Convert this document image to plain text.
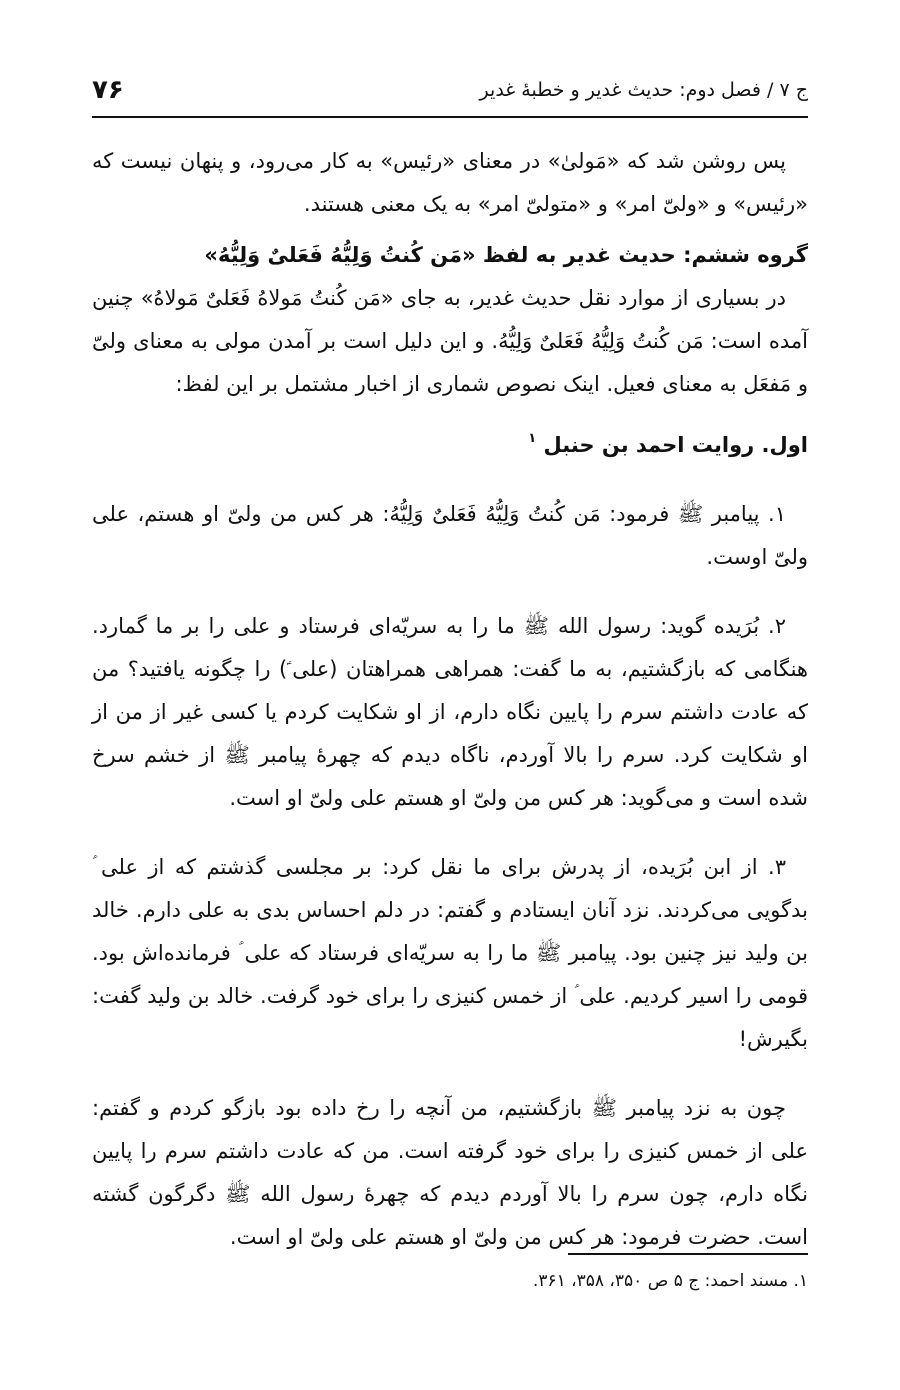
ج ۷ / فصل دوم: حدیث غدیر و خطبهٔ غدیر
۷۶

پس روشن شد که «مَولیٰ» در معنای «رئیس» به کار می‌رود، و پنهان نیست که «رئیس» و «ولیّ امر» و «متولیّ امر» به یک معنی هستند.

گروه ششم: حدیث غدیر به لفظ «مَن کُنتُ وَلِیُّهُ فَعَلیٌ وَلِیُّهُ»

در بسیاری از موارد نقل حدیث غدیر، به جای «مَن کُنتُ مَولاهُ فَعَلیٌ مَولاهُ» چنین آمده است: مَن کُنتُ وَلِیُّهُ فَعَلیٌ وَلِیُّهُ. و این دلیل است بر آمدن مولی به معنای ولیّ و مَفعَل به معنای فعیل. اینک نصوص شماری از اخبار مشتمل بر این لفظ:

اول. روایت احمد بن حنبل $^۱$

۱. پیامبر ﷺ فرمود: مَن کُنتُ وَلِیُّهُ فَعَلیٌ وَلِیُّهُ: هر کس من ولیّ او هستم، علی ولیّ اوست.

۲. بُرَیده گوید: رسول الله ﷺ ما را به سریّه‌ای فرستاد و علی را بر ما گمارد. هنگامی که بازگشتیم، به ما گفت: همراهی همراهتان (علی ؑ) را چگونه یافتید؟ من که عادت داشتم سرم را پایین نگاه دارم، از او شکایت کردم یا کسی غیر از من از او شکایت کرد. سرم را بالا آوردم، ناگاه دیدم که چهرهٔ پیامبر ﷺ از خشم سرخ شده است و می‌گوید: هر کس من ولیّ او هستم علی ولیّ او است.

۳. از ابن بُرَیده، از پدرش برای ما نقل کرد: بر مجلسی گذشتم که از علی ؑ بدگویی می‌کردند. نزد آنان ایستادم و گفتم: در دلم احساس بدی به علی دارم. خالد بن ولید نیز چنین بود. پیامبر ﷺ ما را به سریّه‌ای فرستاد که علی ؑ فرمانده‌اش بود. قومی را اسیر کردیم. علی ؑ از خمس کنیزی را برای خود گرفت. خالد بن ولید گفت: بگیرش!

چون به نزد پیامبر ﷺ بازگشتیم، من آنچه را رخ داده بود بازگو کردم و گفتم: علی از خمس کنیزی را برای خود گرفته است. من که عادت داشتم سرم را پایین نگاه دارم، چون سرم را بالا آوردم دیدم که چهرهٔ رسول الله ﷺ دگرگون گشته است. حضرت فرمود: هر کس من ولیّ او هستم علی ولیّ او است.

۱. مسند احمد: ج ۵ ص ۳۵۰، ۳۵۸، ۳۶۱.
